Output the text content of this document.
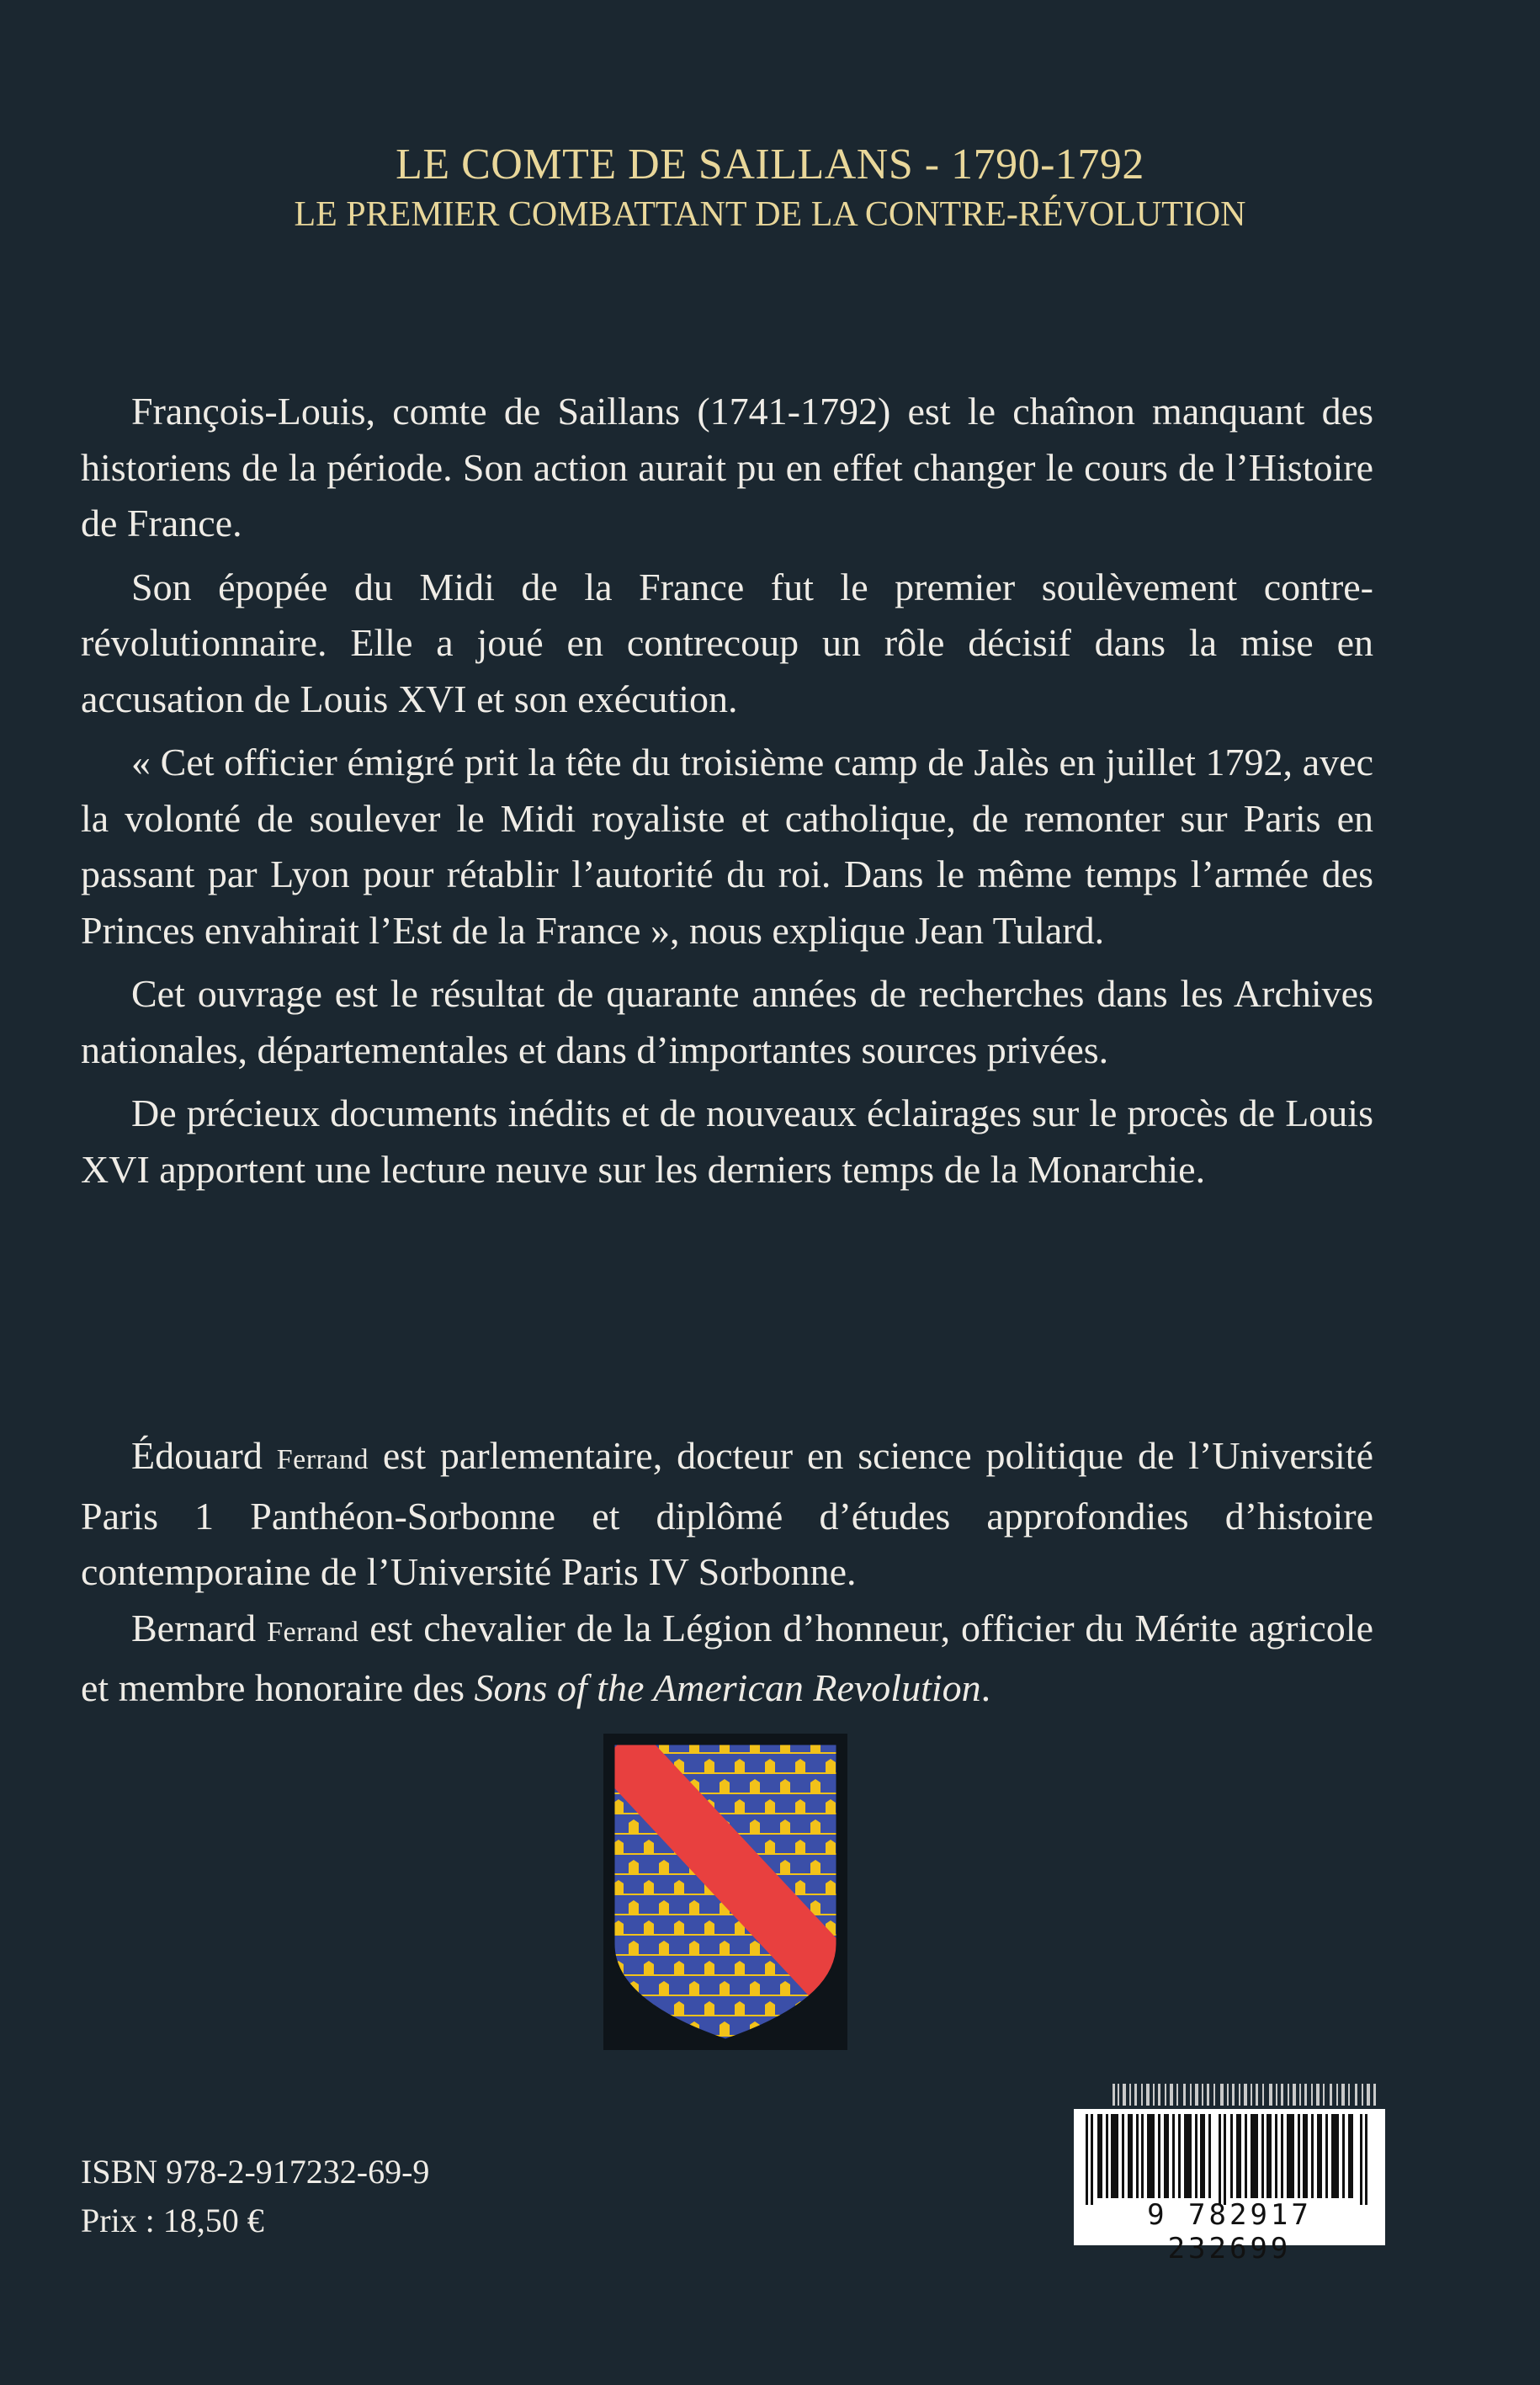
LE COMTE DE SAILLANS - 1790-1792
LE PREMIER COMBATTANT DE LA CONTRE-RÉVOLUTION

François-Louis, comte de Saillans (1741-1792) est le chaînon manquant des historiens de la période. Son action aurait pu en effet changer le cours de l’Histoire de France.

Son épopée du Midi de la France fut le premier soulèvement contre-révolutionnaire. Elle a joué en contrecoup un rôle décisif dans la mise en accusation de Louis XVI et son exécution.

« Cet officier émigré prit la tête du troisième camp de Jalès en juillet 1792, avec la volonté de soulever le Midi royaliste et catholique, de remonter sur Paris en passant par Lyon pour rétablir l’autorité du roi. Dans le même temps l’armée des Princes envahirait l’Est de la France », nous explique Jean Tulard.

Cet ouvrage est le résultat de quarante années de recherches dans les Archives nationales, départementales et dans d’importantes sources privées.

De précieux documents inédits et de nouveaux éclairages sur le procès de Louis XVI apportent une lecture neuve sur les derniers temps de la Monarchie.

Édouard Ferrand est parlementaire, docteur en science politique de l’Université Paris 1 Panthéon-Sorbonne et diplômé d’études approfondies d’histoire contemporaine de l’Université Paris IV Sorbonne.

Bernard Ferrand est chevalier de la Légion d’honneur, officier du Mérite agricole et membre honoraire des Sons of the American Revolution.

9 782917 232699
ISBN 978-2-917232-69-9
Prix : 18,50 €
